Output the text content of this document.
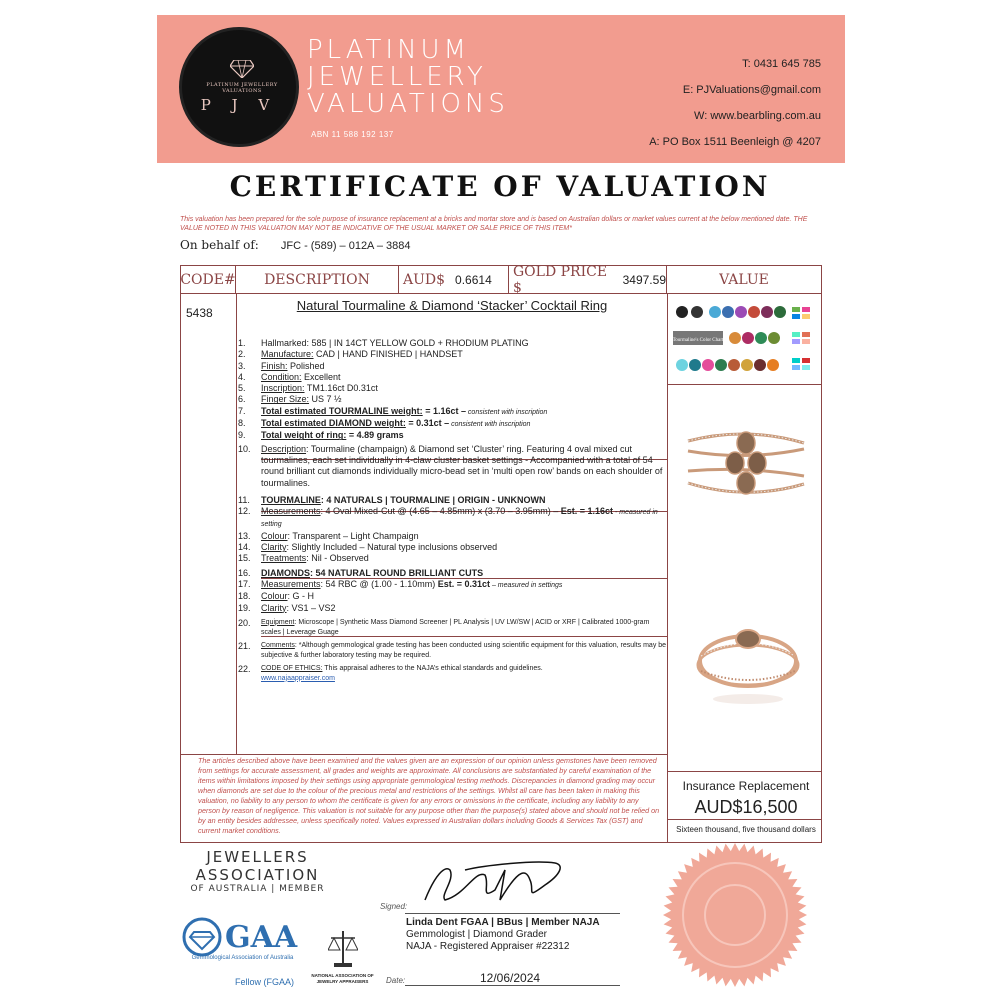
PLATINUM JEWELLERY VALUATIONS
P J V
PLATINUM
JEWELLERY
VALUATIONS
ABN 11 588 192 137
T: 0431 645 785
E: PJValuations@gmail.com
W: www.bearbling.com.au
A: PO Box 1511 Beenleigh @ 4207
CERTIFICATE OF VALUATION
This valuation has been prepared for the sole purpose of insurance replacement at a bricks and mortar store and is based on Australian dollars or market values current at the below mentioned date. THE VALUE NOTED IN THIS VALUATION MAY NOT BE INDICATIVE OF THE USUAL MARKET OR SALE PRICE OF THIS ITEM*
On behalf of: JFC - (589) – 012A – 3884
CODE#	DESCRIPTION	AUD$ 0.6614 GOLD PRICE $	3497.59	VALUE
5438	Natural Tourmaline & Diamond ‘Stacker’ Cocktail Ring
1.	Hallmarked: 585 | IN 14CT YELLOW GOLD + RHODIUM PLATING
2.	Manufacture: CAD | HAND FINISHED | HANDSET
3.	Finish: Polished
4.	Condition: Excellent
5.	Inscription: TM1.16ct D0.31ct
6.	Finger Size: US 7 ½
7.	Total estimated TOURMALINE weight: = 1.16ct – consistent with inscription
8.	Total estimated DIAMOND weight: = 0.31ct – consistent with inscription
9.	Total weight of ring: = 4.89 grams
10.	Description: Tourmaline (champaign) & Diamond set ‘Cluster’ ring. Featuring 4 oval mixed cut tourmalines, each set individually in 4-claw cluster basket settings - Accompanied with a total of 54 round brilliant cut diamonds individually micro-bead set in ‘multi open row’ bands on each shoulder of tourmalines.
11.	TOURMALINE: 4 NATURALS | TOURMALINE | ORIGIN - UNKNOWN
12.	Measurements: 4 Oval Mixed-Cut @ (4.65 – 4.85mm) x (3.70 – 3.95mm) – Est. = 1.16ct - measured in setting
13.	Colour: Transparent – Light Champaign
14.	Clarity: Slightly Included – Natural type inclusions observed
15.	Treatments: Nil - Observed
16.	DIAMONDS: 54 NATURAL ROUND BRILLIANT CUTS
17.	Measurements: 54 RBC @ (1.00 - 1.10mm) Est. = 0.31ct – measured in settings
18.	Colour: G - H
19.	Clarity: VS1 – VS2
20.	Equipment: Microscope | Synthetic Mass Diamond Screener | PL Analysis | UV LW/SW | ACID or XRF | Calibrated 1000-gram scales | Leverage Guage
21.	Comments: *Although gemmological grade testing has been conducted using scientific equipment for this valuation, results may be subjective & further laboratory testing may be required.
22.	CODE OF ETHICS: This appraisal adheres to the NAJA’s ethical standards and guidelines.
www.najaappraiser.com
Tourmaline's Color Chart
The articles described above have been examined and the values given are an expression of our opinion unless gemstones have been removed from settings for accurate assessment, all grades and weights are approximate. All conclusions are substantiated by careful examination of the items within limitations imposed by their settings using appropriate gemmological testing methods. Discrepancies in diamond grading may occur when diamonds are set due to the colour of the precious metal and restrictions of the settings. Whilst all care has been taken in making this valuation, no liability to any person to whom the certificate is given for any errors or omissions in the certificate, including any liability to any person by reason of negligence. This valuation is not suitable for any purpose other than the purpose(s) stated above and should not be relied on by an entity besides addressee, unless specifically noted. Values expressed in Australian dollars including Goods & Services Tax (GST) and current market conditions.
Insurance Replacement
AUD$16,500
Sixteen thousand, five thousand dollars
JEWELLERS
ASSOCIATION
OF AUSTRALIA | MEMBER
GAA
Gemmological Association of Australia
Fellow (FGAA)
NATIONAL ASSOCIATION OF JEWELRY APPRAISERS
Signed:
Linda Dent FGAA | BBus | Member NAJA
Gemmologist | Diamond Grader
NAJA - Registered Appraiser #22312
Date:	12/06/2024
